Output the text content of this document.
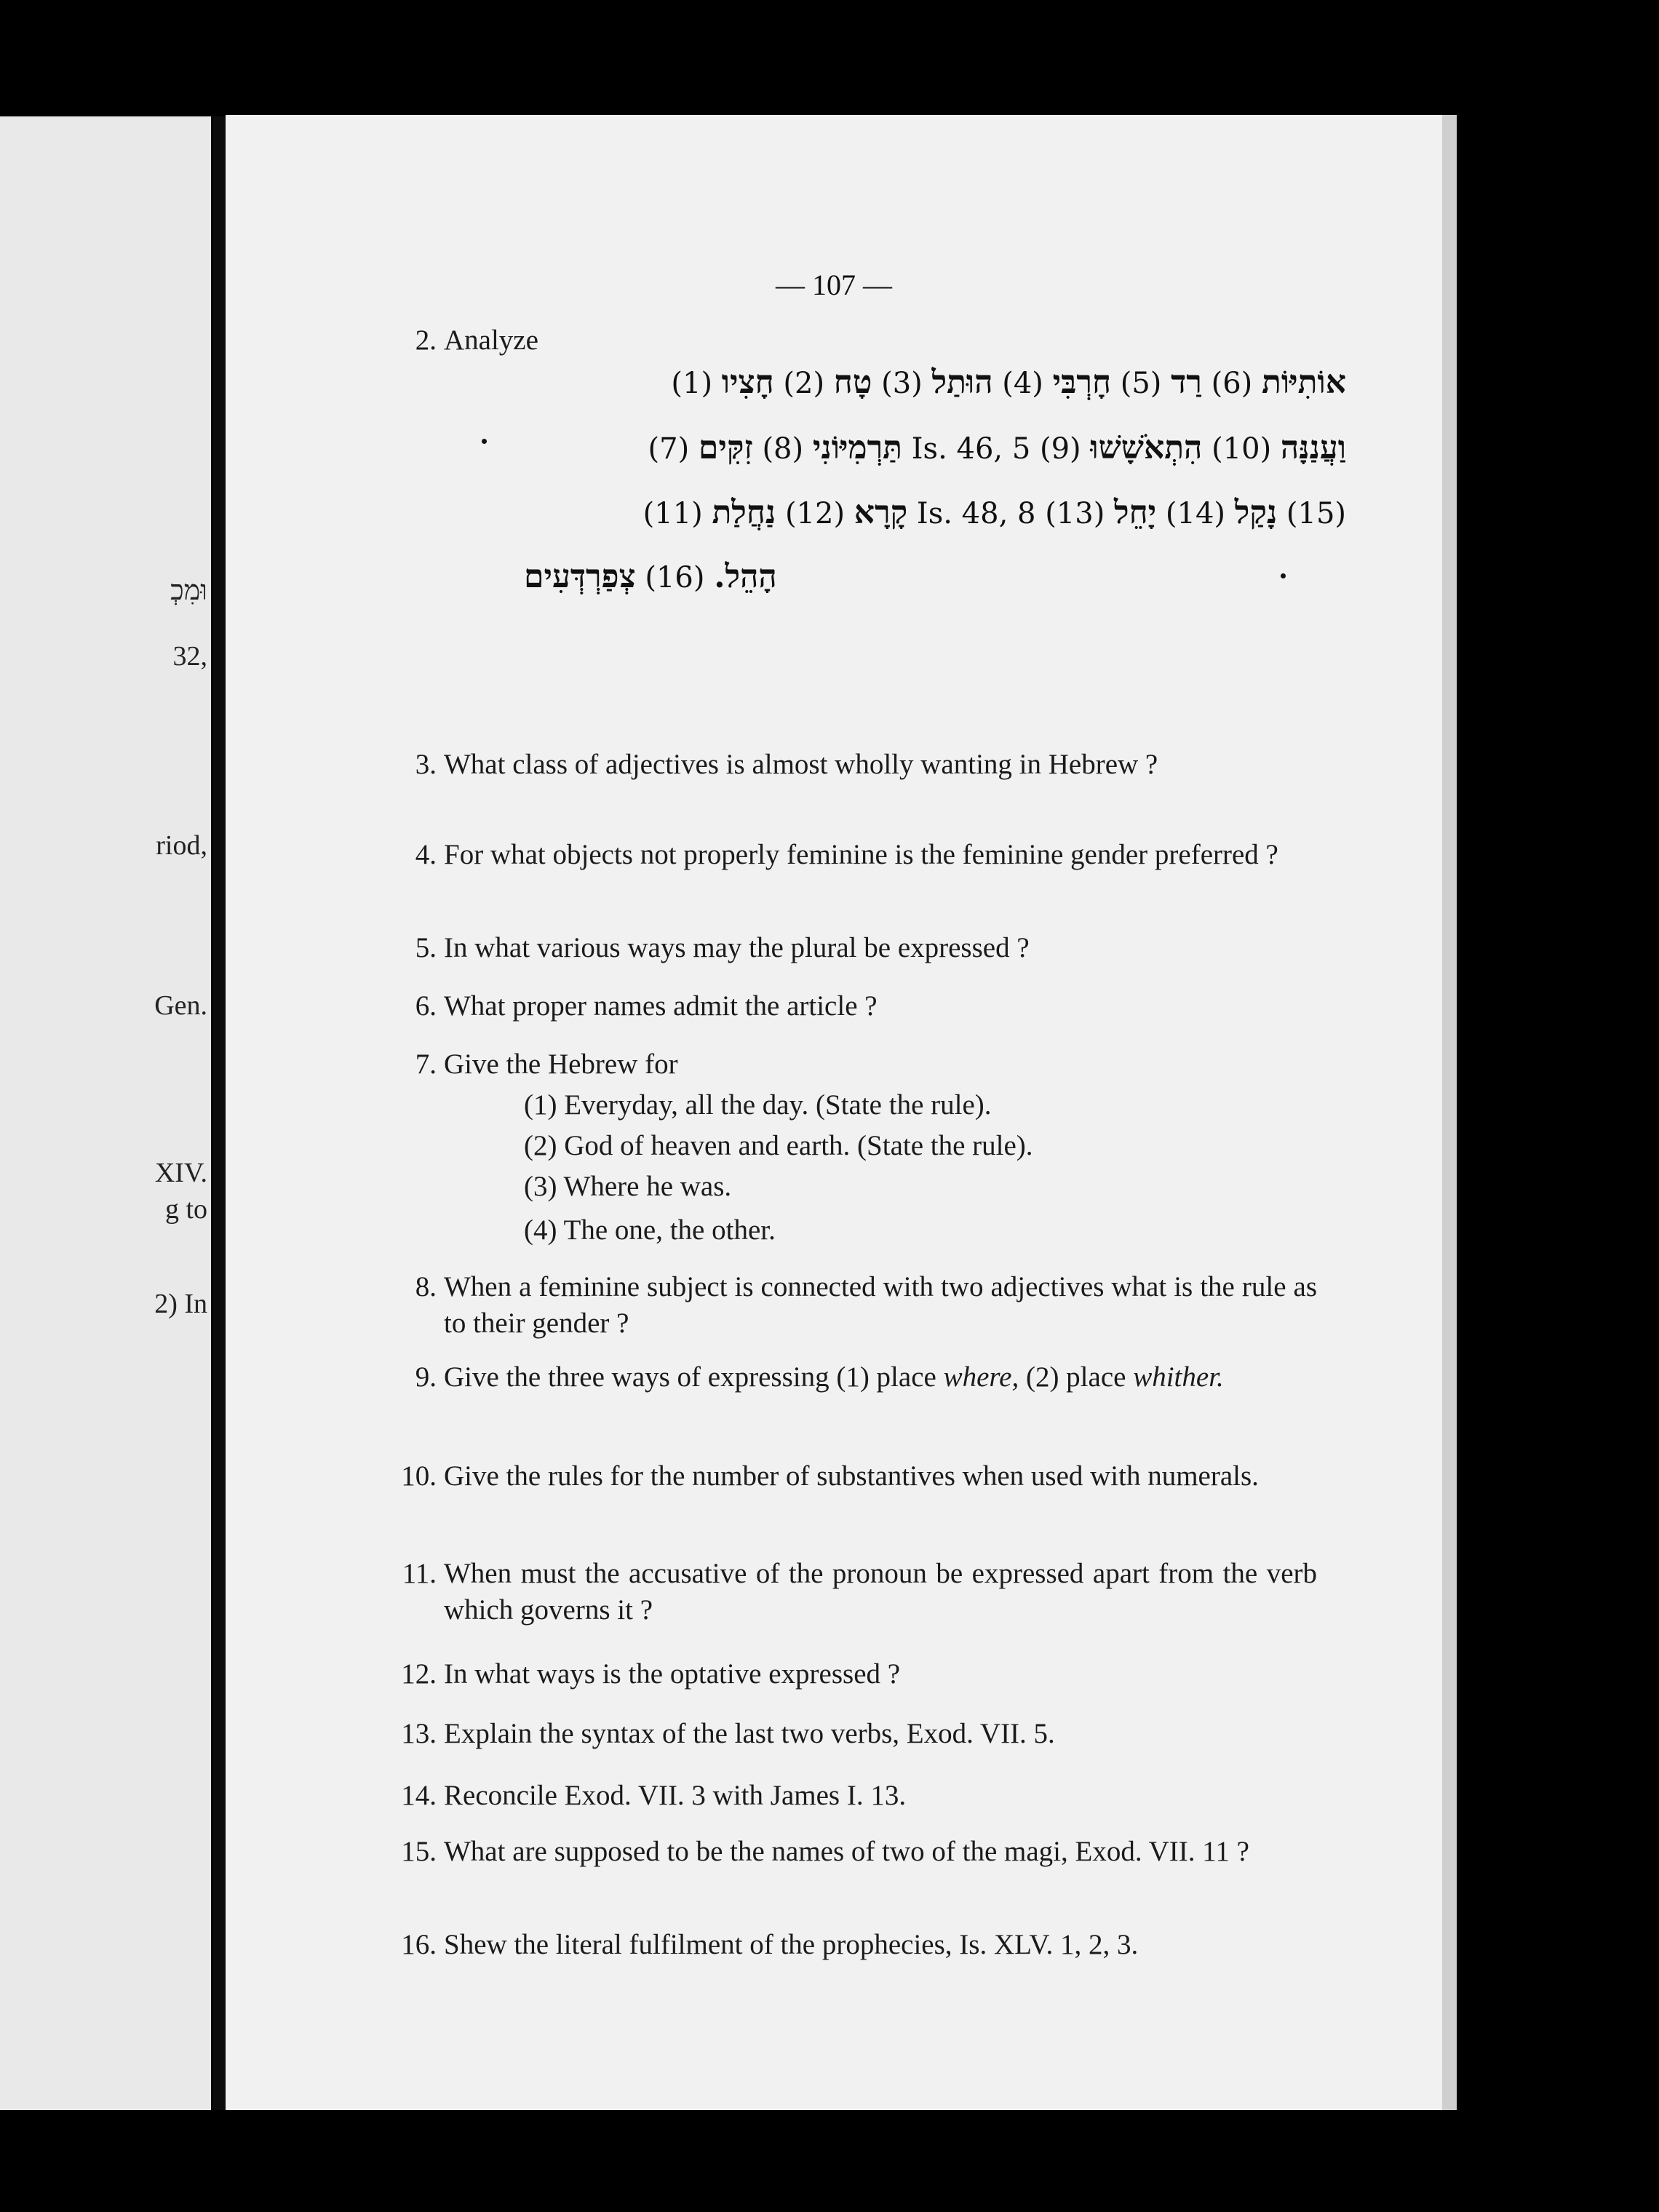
וּמִכְ
32,
riod,
Gen.
XIV.
g to
2) In
— 107 —
2. Analyze
(1) חָצִיו (2) טָח (3) הוּתַל (4) חָרְבִּי (5) רַד (6) אוֹתִיּוֹת
(7) זִקִּים (8) תַּרְמִיּוֹנִי Is. 46, 5 (9) הִתְאֹשָׁשׁוּ (10) וַעֲנַנָּה
(11) נַחֲלַת (12) קָרָא Is. 48, 8 (13) יָחֵל (14) נָקַל (15)
צְפַרְדְּעִים (16) הָהֵל.
3. What class of adjectives is almost wholly wanting in Hebrew ?
4. For what objects not properly feminine is the feminine gender preferred ?
5. In what various ways may the plural be expressed ?
6. What proper names admit the article ?
7. Give the Hebrew for
(1) Everyday, all the day. (State the rule).
(2) God of heaven and earth. (State the rule).
(3) Where he was.
(4) The one, the other.
8. When a feminine subject is connected with two adjectives what is the rule as to their gender ?
9. Give the three ways of expressing (1) place where, (2) place whither.
10. Give the rules for the number of substantives when used with numerals.
11. When must the accusative of the pronoun be expressed apart from the verb which governs it ?
12. In what ways is the optative expressed ?
13. Explain the syntax of the last two verbs, Exod. VII. 5.
14. Reconcile Exod. VII. 3 with James I. 13.
15. What are supposed to be the names of two of the magi, Exod. VII. 11 ?
16. Shew the literal fulfilment of the prophecies, Is. XLV. 1, 2, 3.
